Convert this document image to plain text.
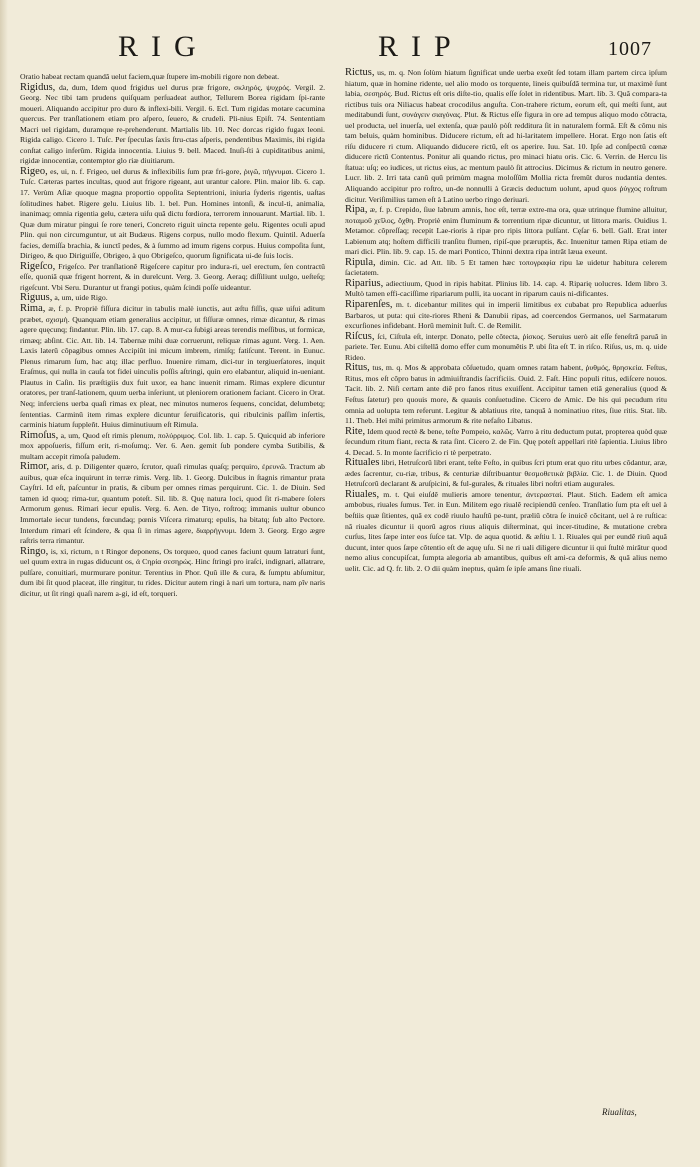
RIG	RIP	1007

Oratio habeat rectam quandã uelut faciem,quæ ſtupere im-mobili rigore non debeat.

Rigidus, da, dum, Idem quod frigidus uel durus præ frigore, σκληρός, ψυχρός. Vergil. 2. Georg. Nec tibi tam prudens quiſquam perſuadeat author, Tellurem Borea rigidam ſpi-rante moueri. Aliquando accipitur pro duro & inflexi-bili. Vergil. 6. Ecl. Tum rigidas motare cacumina quercus. Per tranſlationem etiam pro aſpero, ſeuero, & crudeli. Pli-nius Epiſt. 74. Sententiam Macri uel rigidam, duramque re-prehenderunt. Martialis lib. 10. Nec dorcas rigido fugax leoni. Rigida caligo. Cicero 1. Tuſc. Per ſpeculas ſaxis ſtru-ctas aſperis, pendentibus Maximis, ibi rigida conſtat caligo inferûm. Rigida innocentia. Liuius 9. bell. Maced. Inuſi-ſti à cupiditatibus animi, rigidæ innocentiæ, contemptor glo riæ diuitiarum.

Rigeo, es, ui, n. f. Frigeo, uel durus & inflexibilis ſum præ fri-gore, ῥιγῶ, πήγνυμαι. Cicero 1. Tuſc. Cæteras partes incultas, quod aut frigore rigeant, aut urantur calore. Plin. maior lib. 6. cap. 17. Verùm Aſiæ quoque magna proportio oppoſita Septentrioni, iniuria ſyderis rigentis, uaſtas ſolitudines habet. Rigere gelu. Liuius lib. 1. bel. Pun. Homines intonſi, & incul-ti, animalia, inanimaq; omnia rigentia gelu, cætera uiſu quã dictu fœdiora, terrorem innouarunt. Martial. lib. 1. Quæ dum miratur pingui ſe rore teneri, Concreto riguit uincta repente gelu. Rigentes oculi apud Plin. qui non circumguntur, ut ait Budæus. Rigens corpus, nullo modo flexum. Quintil. Aduerſa facies, demiſſa brachia, & iunctĩ pedes, & à ſummo ad imum rigens corpus. Huius compoſita ſunt, Dirigeo, & quo Diriguiſſe, Obrigeo, à quo Obrigeſco, quorum ſignificata ui-de ſuis locis.

Rigeſco, Frigeſco. Per tranſlationẽ Rigeſcere capitur pro indura-ri, uel erectum, ſen contractũ eſſe, quoniã quæ frigent horrent, & in durelcunt. Verg. 3. Georg. Aeraq; diſſiliunt uulgo, ueſteſq; rigeſcunt. Vbi Seru. Durantur ut frangi potius, quàm ſcindi poſſe uideantur.

Riguus, a, um, uide Rigo.

Rima, æ, f. p. Propriè fiſſura dicitur in tabulis malè iunctis, aut æſtu fiſſis, quæ uiſui aditum præbet, σχισμὴ. Quanquam etiam generalius accipitur, ut fiſſuræ omnes, rimæ dicantur, & rimas agere quęcunq; findantur. Plin. lib. 17. cap. 8. A mur-ca ſubigi areas terendis meſſibus, ut formicæ, rimæq; abſint. Cic. Att. lib. 14. Tabernæ mihi duæ corruerunt, reliquæ rimas agunt. Verg. 1. Aen. Laxis laterũ cõpagibus omnes Accipiũt ini micum imbrem, rimiſq; fatiſcunt. Terent. in Eunuc. Plenus rimarum ſum, hac atq; illac perfluo. Inuenire rimam, dici-tur in tergiuerſatores, inquit Eraſmus, qui nulla in cauſa tot fidei uinculis poſſis aſtringi, quin ero elabantur, aliquid in-ueniant. Plautus in Caſin. Iis præſtigiis dux fuit uxor, ea hanc inuenit rimam. Rimas explere dicuntur oratores, per tranſ-lationem, quum uerba inſeriunt, ut pleniorem orationem faciant. Cicero in Orat. Neq; inferciens uerba quaſi rimas ex pleat, nec minutos numeros ſequens, concidat, delumbetq; ſententias. Carminũ item rimas explere dicuntur ſeruificatoris, qui ribulcinis paſſim inſertis, carminis hiatum ſuppleñt. Huius diminutiuum eſt Rimula.

Rimoſus, a, um, Quod eſt rimis plenum, πολύρριμος. Col. lib. 1. cap. 5. Quicquid ab inferiore mox appoſueris, fiſſum erit, ri-moſumq;. Ver. 6. Aen. gemit ſub pondere cymba Sutibilis, & multam accepit rimoſa paludem.

Rimor, aris, d. p. Diligenter quæro, ſcrutor, quaſi rimulas quaſq; perquiro, ἐρευνῶ. Tractum ab auibus, quæ eſca inquirunt in terræ rimis. Verg. lib. 1. Georg. Dulcibus in ſtagnis rimantur prata Cayſtri. Id eſt, paſcuntur in pratis, & cibum per omnes rimas perquirunt. Cic. 1. de Diuin. Sed tamen id quoq; rima-tur, quantum poteſt. Sil. lib. 8. Quę natura loci, quod ſit ri-mabere ſolers Armorum genus. Rimari iecur epulis. Verg. 6. Aen. de Tityo, roſtroq; immanis uultur obunco Immortale iecur tundens, fœcundaq; pœnis Viſcera rimaturq; epulis, ha bitatq; ſub alto Pectore. Interdum rimari eſt ſcindere, & qua ſi in rimas agere, διαρρήγνυμι. Idem 3. Georg. Ergo ægre raſtris terra rimantur.

Ringo, is, xi, rictum, n t Ringor deponens, Os torqueo, quod canes faciunt quum latraturi ſunt, uel quum extra in rugas diducunt os, ἀ Ϲηρία σεσηρώς. Hinc ſtringi pro iraſci, indignari, allatrare, pulſare, conuitiari, murmurare ponitur. Terentius in Phor. Quũ ille & cura, & ſumptu abſumitur, dum ibi ſit quod placeat, ille ringitur, tu rides. Dicitur autem ringi à nari um tortura, nam ρῖν naris dicitur, ut ſit ringi quaſi narem a-gi, id eſt, torqueri.

Rictus, us, m. q. Non ſolùm hiatum ſignificat unde uerba exeũt ſed totam illam partem circa ipſum hiatum, quæ in homine ridente, uel alio modo os torquente, lineis quibuſdã termina tur, ut maximè ſunt labia, σεσηρός. Bud. Rictus eſt oris diſte-tio, qualis eſſe ſolet in ridentibus. Mart. lib. 3. Quã compara-ta rictibus tuis ora Niliacus habeat crocodilus anguſta. Con-trahere rictum, eorum eſt, qui meſti ſunt, aut meditabundi ſunt, συνάγειν σιαγόνας. Plut. & Rictus eſſe figura in ore ad tempus aliquo modo cõtracta, uel producta, uel inuerſa, uel extenſa, quæ paulò pòſt redditura ſit in naturalem formã. Eſt & cõmu nis tam beluis, quàm hominibus. Diducere rictum, eſt ad hi-laritatem impellere. Horat. Ergo non ſatis eſt riſu diducere ri ctum. Aliquando diducere rictũ, eſt os aperire. Iuu. Sat. 10. Ipſe ad conſpectũ cœnæ diducere rictũ Contentus. Ponitur ali quando rictus, pro minaci hiatu oris. Cic. 6. Verrin. de Hercu lis ſtatua: uſq; eo iudices, ut rictus eius, ac mentum paulò ſit attrocius. Dicimus & rictum in neutro genere. Lucr. lib. 2. Irri tata canũ quũ primùm magna moloſſũm Mollia ricta fremũt duros nudantia dentes. Aliquando accipitur pro roſtro, un-de nonnulli à Græcis deductum uolunt, apud quos ῥύγχος roſtrum dicitur. Veriſimilius tamen eſt à Latino uerbo ringo deriuari.

Ripa, æ, f. p. Crepido, ſiue labrum amnis, hoc eſt, terræ extre-ma ora, quæ utrinque flumine alluitur, ποταμοῦ χεῖλος, ὄχθη. Propriè enim fluminum & torrentium ripæ dicuntur, ut littora maris. Ouidius 1. Metamor. cõpreſſaq; recepit Lae-rioris à ripæ pro ripis littora pulſant. Cęſar 6. bell. Gall. Erat inter Labienum atq; hoſtem difficili tranſitu flumen, ripiſ-que præruptis, &c. Inuenitur tamen Ripa etiam de mari dici. Plin. lib. 9. cap. 15. de mari Pontico, Thinni dextra ripa intrãt læua exeunt.

Ripula, dimin. Cic. ad Att. lib. 5 Et tamen hæc τοπογραφία ripu læ uidetur habitura celerem ſacietatem.

Riparius, adiectiuum, Quod in ripis habitat. Plinius lib. 14. cap. 4. Riparię uolucres. Idem libro 3. Multò tamen effi-caciſſime ripariarum pulli, ita uocant in riparum cauis ni-dificantes.

Riparenſes, m. t. dicebantur milites qui in imperii limitibus ex cubabat pro Republica aduerſus Barbaros, ut puta: qui cite-riores Rheni & Danubii ripas, ad coercendos Germanos, uel Sarmatarum excurſiones infidebant. Horũ meminit Iuſt. C. de Remilit.

Riſcus, ſci, Ciſtula eſt, interpr. Donato, pelle cõtecta, ῥίσκος. Seruius uerò ait eſſe feneſtrã paruã in pariete. Ter. Eunu. Abi ciſtellã domo effer cum monumẽtis P. ubi ſita eſt T. in riſco. Riſus, us, m. q. uide Rideo.

Ritus, tus, m. q. Mos & approbata cõſuetudo, quam omnes ratam habent, ῥυθμός, θρησκεία. Feſtus, Ritus, mos eſt cõpro batus in admiuiſtrandis ſacrificiis. Ouid. 2. Faſt. Hinc populi ritus, ediſcere nouos. Tacit. lib. 2. Niſi certam ante diẽ pro fanos ritus exuiſſent. Accipitur tamen etiã generalius (quod & Feſtus ſatetur) pro quouis more, & quauis conſuetudine. Cicero de Amic. De his qui pecudum ritu omnia ad uolupta tem referunt. Legitur & ablatiuus rite, tanquã à nominatiuo rites, ſiue ritis. Stat. lib. 11. Theb. Hei mihi primitus armorum & rite nefaſto Libatus.

Rite, Idem quod rectè & bene, teſte Pompeio, καλῶς. Varro à ritu deductum putat, propterea quòd quæ ſecundum ritum fiant, recta & rata ſint. Cicero 2. de Fin. Quę poteſt appellari ritè ſapientia. Liuius libro 4. Decad. 5. In monte ſacrificio ri tè perpetrato.

Rituales libri, Hetruſcorũ libri erant, teſte Feſto, in quibus ſcri ptum erat quo ritu urbes cõdantur, aræ, ædes ſacrentur, cu-riæ, tribus, & centuriæ diſtribuantur θεσμοθετικὰ βιβλία. Cic. 1. de Diuin. Quod Hetruſcorũ declarant & aruſpicini, & ful-gurales, & rituales libri noſtri etiam augurales.

Riuales, m. t. Qui eiuſdẽ mulieris amore tenentur, ἀντερασταί. Plaut. Stich. Eadem eſt amica ambobus, riuales ſumus. Ter. in Eun. Militem ego riualẽ recipiendũ cenſeo. Tranſlatio ſum pta eſt uel à beſtiis quæ ſitientes, quã ex codẽ riuulo hauſtũ pe-tunt, præliũ cõtra ſe inuicẽ cõcitant, uel à re ruſtica: nã riuales dicuntur ii quorũ agros riuus aliquis diſterminat, qui incer-titudine, & mutatione crebra curſus, lites ſæpe inter eos ſuſce tat. Vlp. de aqua quotid. & æſtiu l. 1. Riuales qui per eundẽ riuũ aquã ducunt, inter quos ſæpe cõtentio eſt de aquę uſu. Si ne ri uali diligere dicuntur ii qui ſtultè mirãtur quod nemo alius concupiſcat, ſumpta alegoria ab amantibus, quibus eſt ami-ca deformis, & quã alius nemo uelit. Cic. ad Q. fr. lib. 2. O dii quàm ineptus, quàm ſe ipſe amans ſine riuali.

Riualitas,
